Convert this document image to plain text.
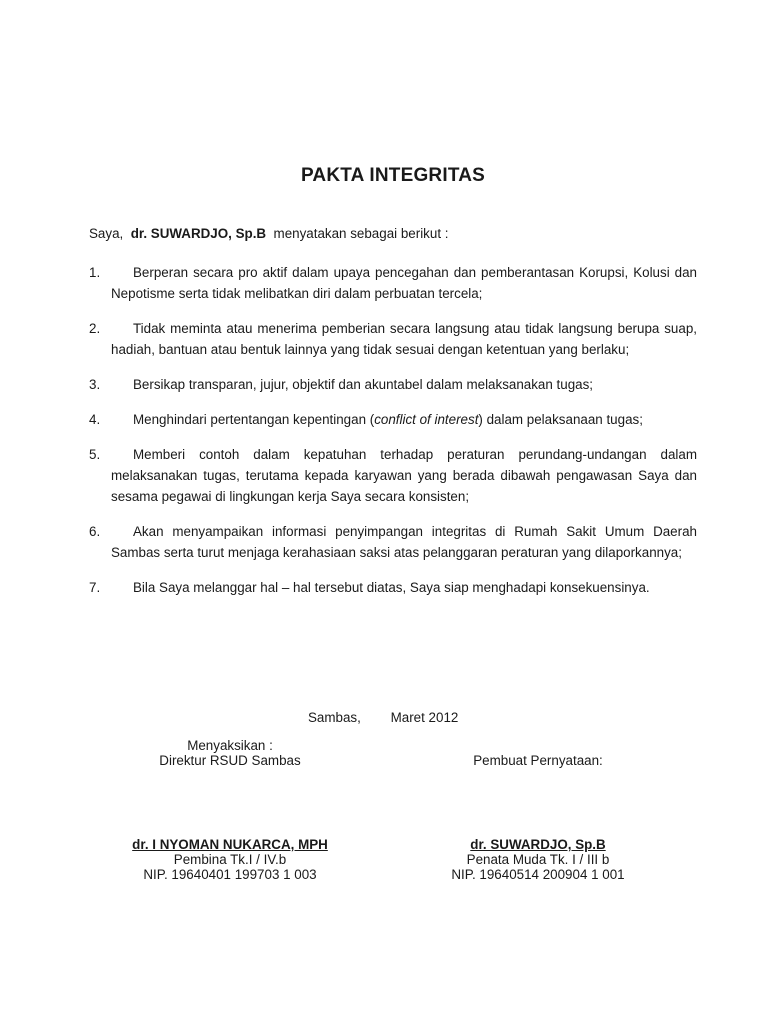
PAKTA INTEGRITAS
Saya,  dr. SUWARDJO, Sp.B  menyatakan sebagai berikut :
1.	Berperan secara pro aktif dalam upaya pencegahan dan pemberantasan Korupsi, Kolusi dan Nepotisme serta tidak melibatkan diri dalam perbuatan tercela;
2.	Tidak meminta atau menerima pemberian secara langsung atau tidak langsung berupa suap, hadiah, bantuan atau bentuk lainnya yang tidak sesuai dengan ketentuan yang berlaku;
3.	Bersikap transparan, jujur, objektif dan akuntabel dalam melaksanakan tugas;
4.	Menghindari pertentangan kepentingan (conflict of interest) dalam pelaksanaan tugas;
5.	Memberi contoh dalam kepatuhan terhadap peraturan perundang-undangan dalam melaksanakan tugas, terutama kepada karyawan yang berada dibawah pengawasan Saya dan sesama pegawai di lingkungan kerja Saya secara konsisten;
6.	Akan menyampaikan informasi penyimpangan integritas di Rumah Sakit Umum Daerah Sambas serta turut menjaga kerahasiaan saksi atas pelanggaran peraturan yang dilaporkannya;
7.	Bila Saya melanggar hal – hal tersebut diatas, Saya siap menghadapi konsekuensinya.
Sambas,        Maret 2012
Menyaksikan :
Direktur RSUD Sambas	Pembuat Pernyataan:
dr. I NYOMAN NUKARCA, MPH
Pembina Tk.I / IV.b
NIP. 19640401 199703 1 003
dr. SUWARDJO, Sp.B
Penata Muda Tk. I / III b
NIP. 19640514 200904 1 001
